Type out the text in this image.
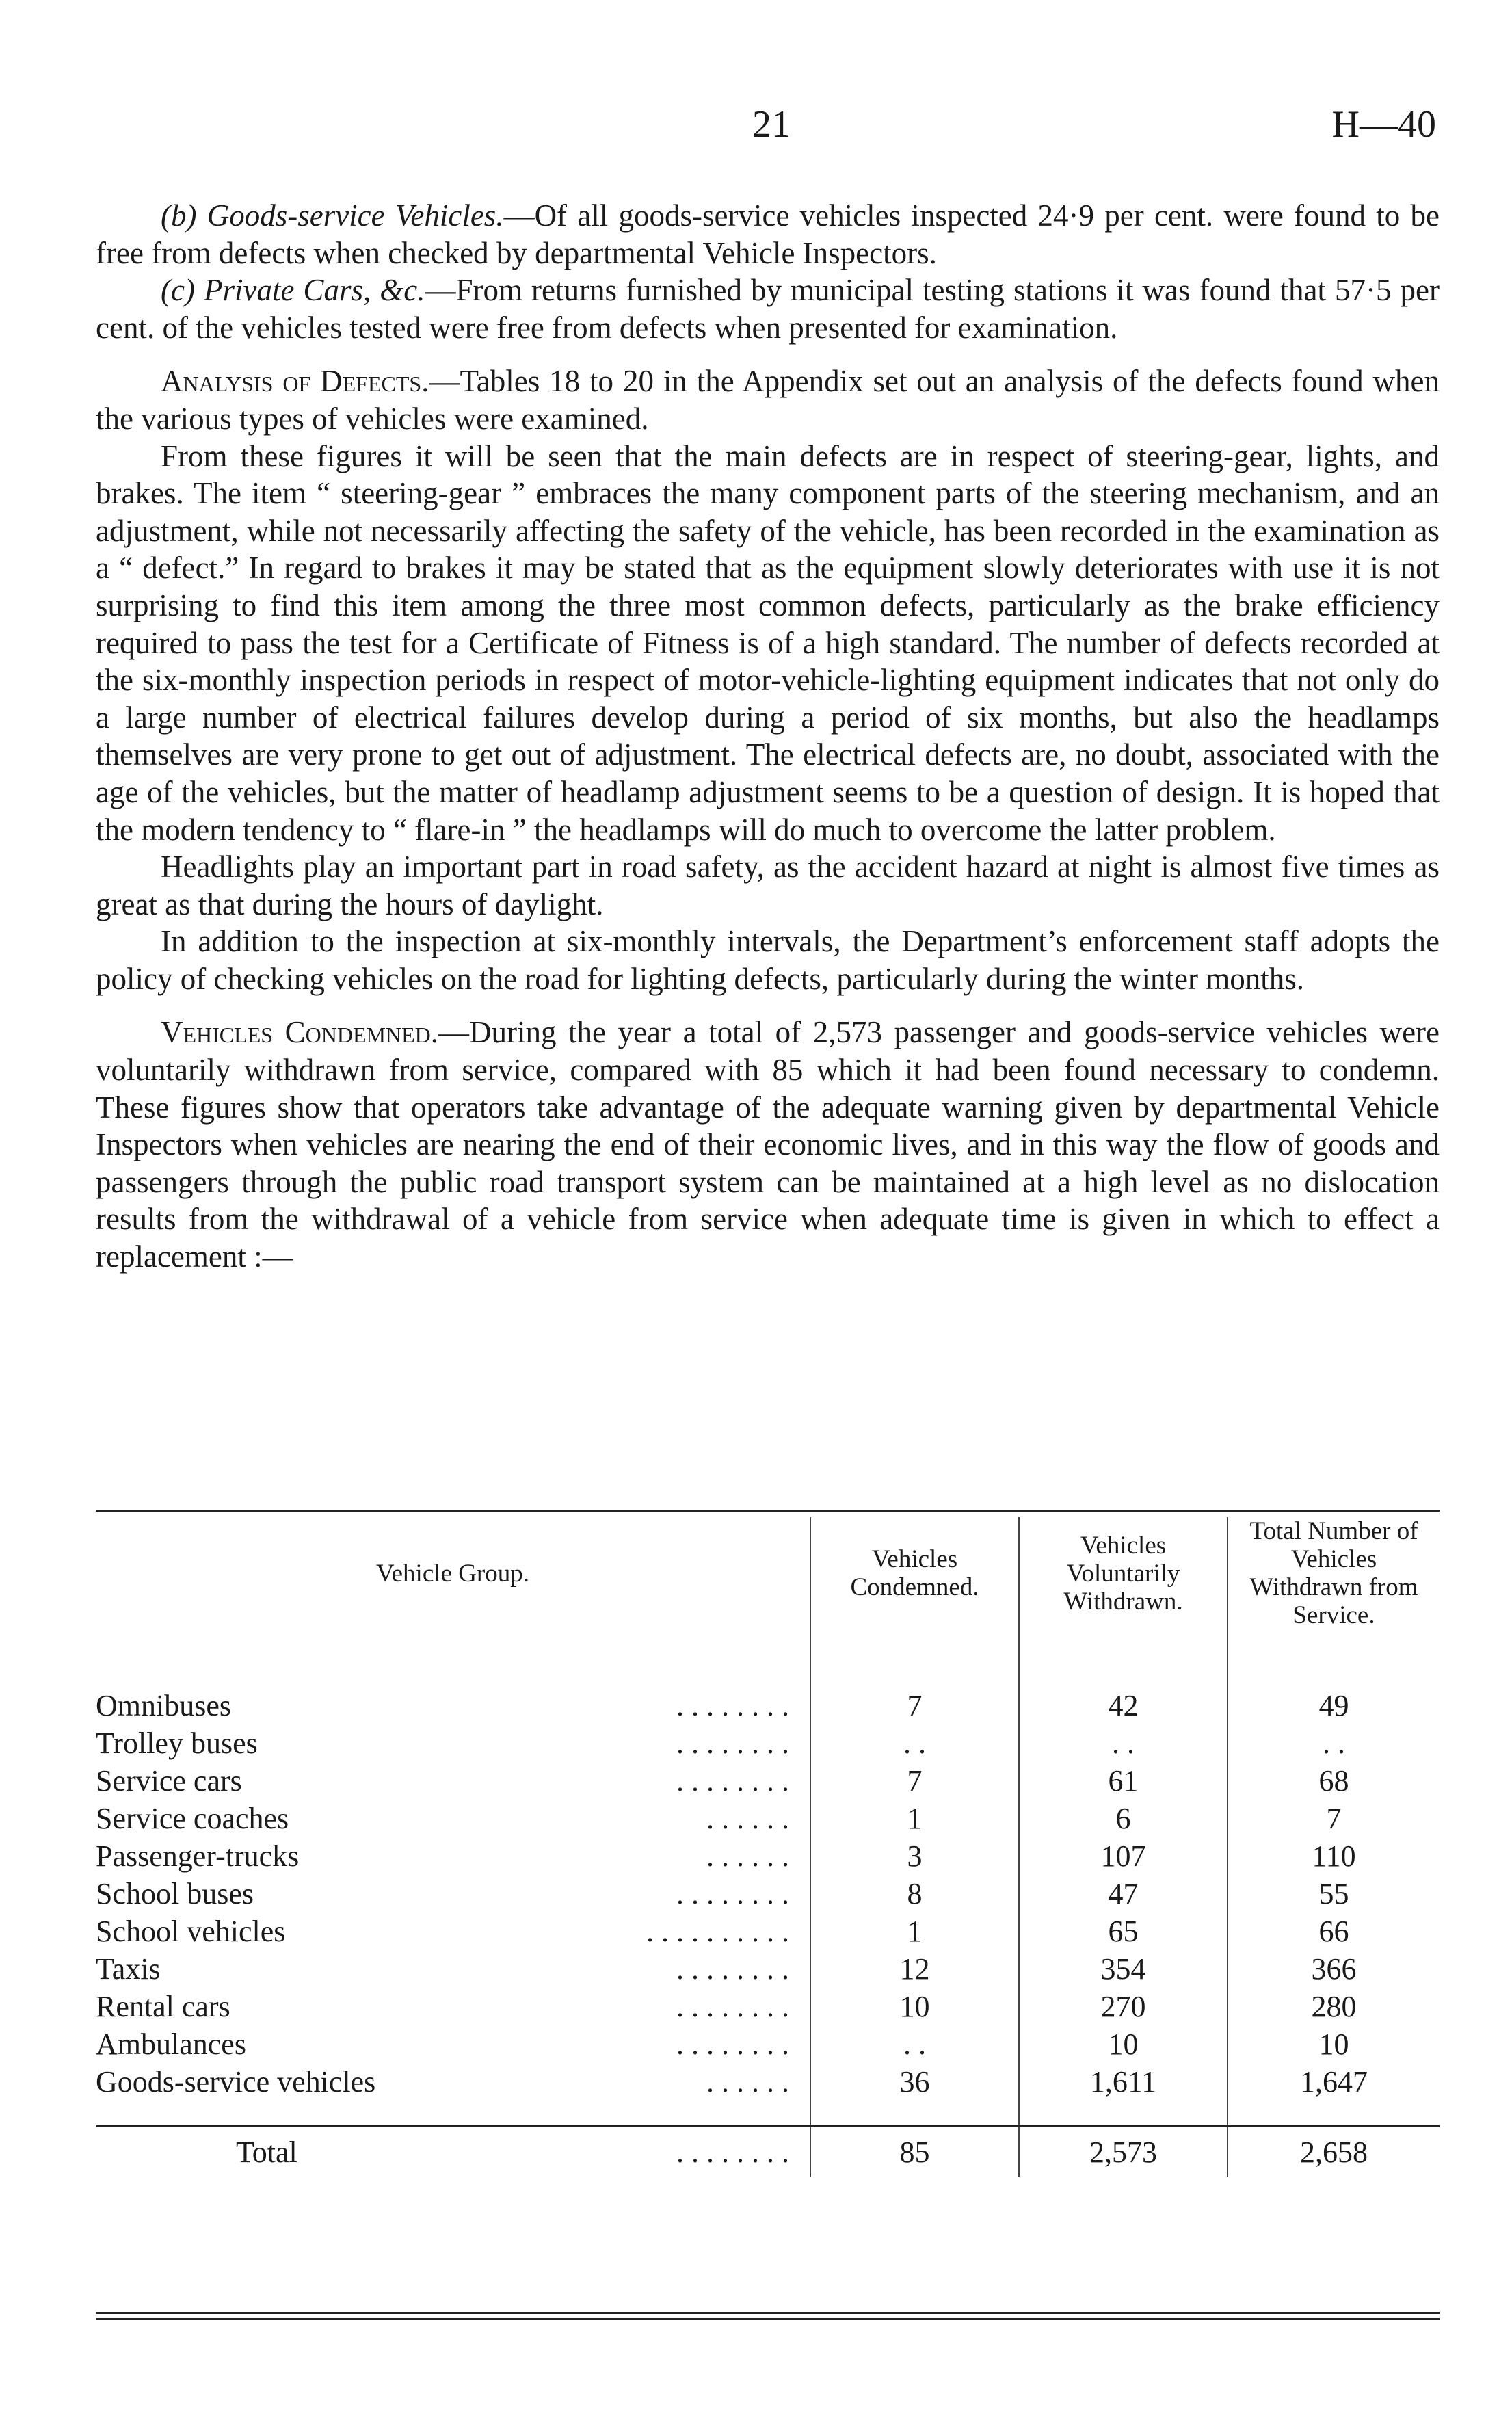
21	H—40

(b) Goods-service Vehicles.—Of all goods-service vehicles inspected 24·9 per cent. were found to be free from defects when checked by departmental Vehicle Inspectors.

(c) Private Cars, &c.—From returns furnished by municipal testing stations it was found that 57·5 per cent. of the vehicles tested were free from defects when presented for examination.

Analysis of Defects.—Tables 18 to 20 in the Appendix set out an analysis of the defects found when the various types of vehicles were examined.

From these figures it will be seen that the main defects are in respect of steering-gear, lights, and brakes. The item “ steering-gear ” embraces the many component parts of the steering mechanism, and an adjustment, while not necessarily affecting the safety of the vehicle, has been recorded in the examination as a “ defect.” In regard to brakes it may be stated that as the equipment slowly deteriorates with use it is not surprising to find this item among the three most common defects, particularly as the brake efficiency required to pass the test for a Certificate of Fitness is of a high standard. The number of defects recorded at the six-monthly inspection periods in respect of motor-vehicle-lighting equipment indicates that not only do a large number of electrical failures develop during a period of six months, but also the headlamps themselves are very prone to get out of adjustment. The electrical defects are, no doubt, associated with the age of the vehicles, but the matter of headlamp adjustment seems to be a question of design. It is hoped that the modern tendency to “ flare-in ” the headlamps will do much to overcome the latter problem.

Headlights play an important part in road safety, as the accident hazard at night is almost five times as great as that during the hours of daylight.

In addition to the inspection at six-monthly intervals, the Department’s enforcement staff adopts the policy of checking vehicles on the road for lighting defects, particularly during the winter months.

Vehicles Condemned.—During the year a total of 2,573 passenger and goods-service vehicles were voluntarily withdrawn from service, compared with 85 which it had been found necessary to condemn. These figures show that operators take advantage of the adequate warning given by departmental Vehicle Inspectors when vehicles are nearing the end of their economic lives, and in this way the flow of goods and passengers through the public road transport system can be maintained at a high level as no dislocation results from the withdrawal of a vehicle from service when adequate time is given in which to effect a replacement :—

Vehicle Group.	Vehicles Condemned.	Vehicles Voluntarily Withdrawn.	Total Number of Vehicles Withdrawn from Service.

Omnibuses . . . . . . . .	7	42	49
Trolley buses . . . . . . . .	. .	. .	. .
Service cars . . . . . . . .	7	61	68
Service coaches . . . . . .	1	6	7
Passenger-trucks . . . . . .	3	107	110
School buses . . . . . . . .	8	47	55
School vehicles . . . . . . . . . .	1	65	66
Taxis . . . . . . . .	12	354	366
Rental cars . . . . . . . .	10	270	280
Ambulances . . . . . . . .	. .	10	10
Goods-service vehicles . . . . . .	36	1,611	1,647

Total . . . . . . . .	85	2,573	2,658
